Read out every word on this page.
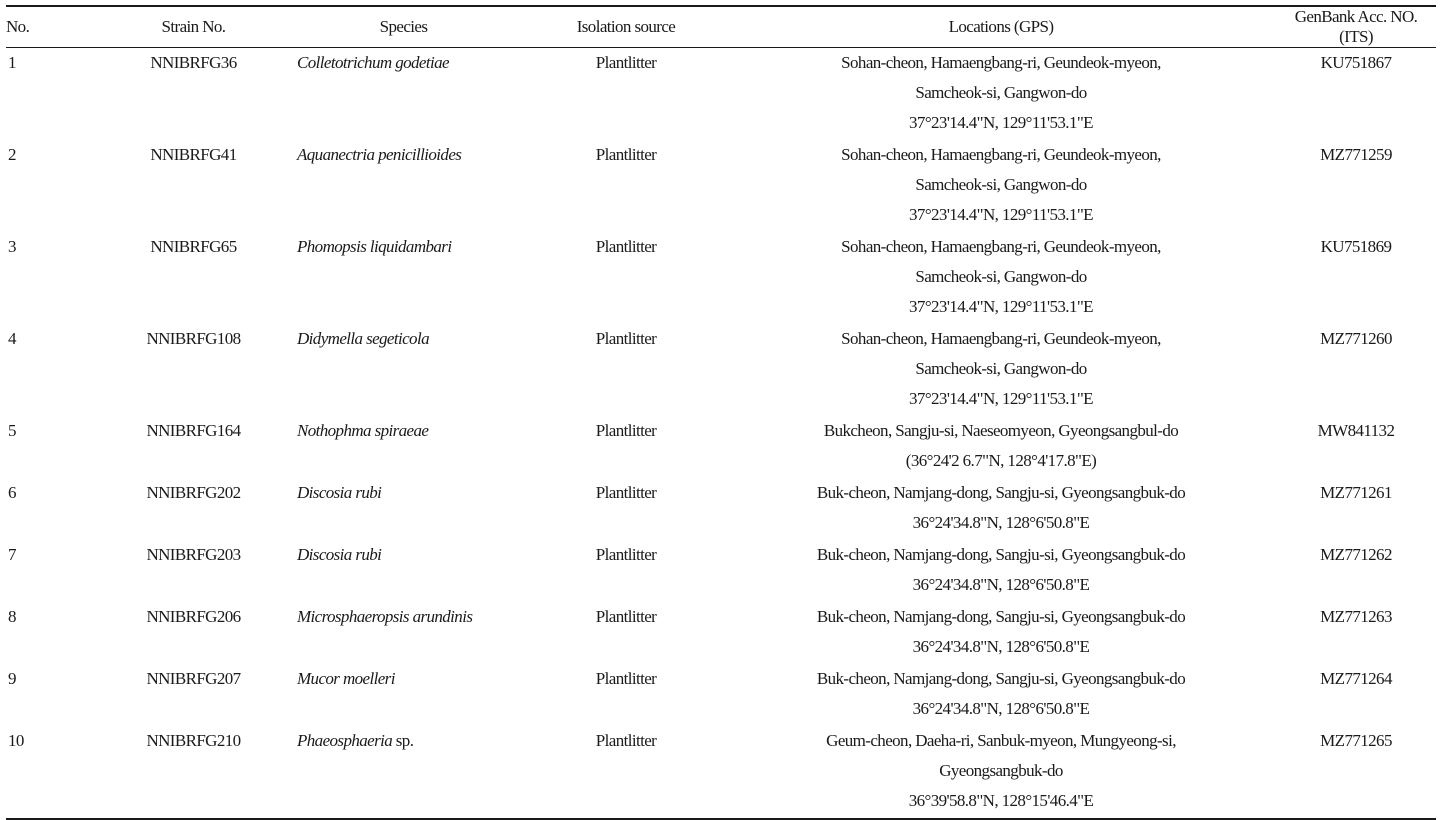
No.	Strain No.	Species	Isolation source	Locations (GPS)	GenBank Acc. NO. (ITS)
1	NNIBRFG36	Colletotrichum godetiae	Plantlitter	Sohan-cheon, Hamaengbang-ri, Geundeok-myeon,
Samcheok-si, Gangwon-do
37°23'14.4"N, 129°11'53.1"E	KU751867
2	NNIBRFG41	Aquanectria penicillioides	Plantlitter	Sohan-cheon, Hamaengbang-ri, Geundeok-myeon,
Samcheok-si, Gangwon-do
37°23'14.4"N, 129°11'53.1"E	MZ771259
3	NNIBRFG65	Phomopsis liquidambari	Plantlitter	Sohan-cheon, Hamaengbang-ri, Geundeok-myeon,
Samcheok-si, Gangwon-do
37°23'14.4"N, 129°11'53.1"E	KU751869
4	NNIBRFG108	Didymella segeticola	Plantlitter	Sohan-cheon, Hamaengbang-ri, Geundeok-myeon,
Samcheok-si, Gangwon-do
37°23'14.4"N, 129°11'53.1"E	MZ771260
5	NNIBRFG164	Nothophma spiraeae	Plantlitter	Bukcheon, Sangju-si, Naeseomyeon, Gyeongsangbul-do
(36°24'2 6.7"N, 128°4'17.8"E)	MW841132
6	NNIBRFG202	Discosia rubi	Plantlitter	Buk-cheon, Namjang-dong, Sangju-si, Gyeongsangbuk-do
36°24'34.8"N, 128°6'50.8"E	MZ771261
7	NNIBRFG203	Discosia rubi	Plantlitter	Buk-cheon, Namjang-dong, Sangju-si, Gyeongsangbuk-do
36°24'34.8"N, 128°6'50.8"E	MZ771262
8	NNIBRFG206	Microsphaeropsis arundinis	Plantlitter	Buk-cheon, Namjang-dong, Sangju-si, Gyeongsangbuk-do
36°24'34.8"N, 128°6'50.8"E	MZ771263
9	NNIBRFG207	Mucor moelleri	Plantlitter	Buk-cheon, Namjang-dong, Sangju-si, Gyeongsangbuk-do
36°24'34.8"N, 128°6'50.8"E	MZ771264
10	NNIBRFG210	Phaeosphaeria sp.	Plantlitter	Geum-cheon, Daeha-ri, Sanbuk-myeon, Mungyeong-si,
Gyeongsangbuk-do
36°39'58.8"N, 128°15'46.4"E	MZ771265
